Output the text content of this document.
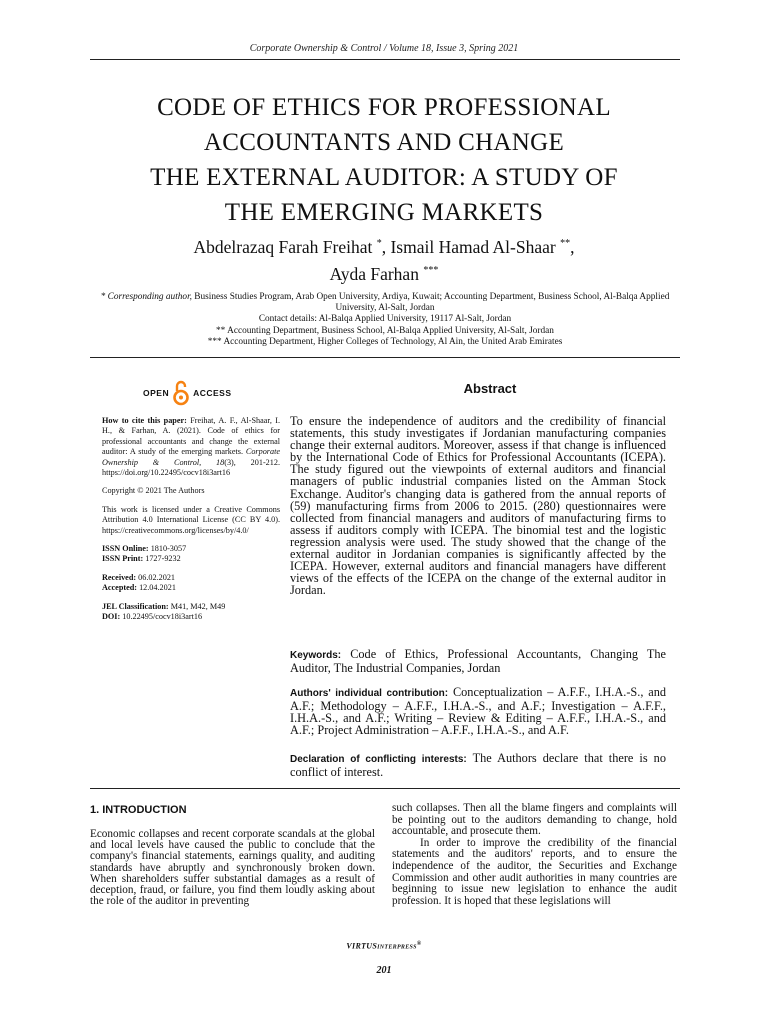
Corporate Ownership & Control / Volume 18, Issue 3, Spring 2021
CODE OF ETHICS FOR PROFESSIONAL
ACCOUNTANTS AND CHANGE
THE EXTERNAL AUDITOR: A STUDY OF
THE EMERGING MARKETS
Abdelrazaq Farah Freihat *, Ismail Hamad Al-Shaar **,
Ayda Farhan ***
* Corresponding author, Business Studies Program, Arab Open University, Ardiya, Kuwait; Accounting Department, Business School, Al-Balqa Applied University, Al-Salt, Jordan
Contact details: Al-Balqa Applied University, 19117 Al-Salt, Jordan
** Accounting Department, Business School, Al-Balqa Applied University, Al-Salt, Jordan
*** Accounting Department, Higher Colleges of Technology, Al Ain, the United Arab Emirates
OPEN	ACCESS

How to cite this paper: Freihat, A. F., Al-Shaar, I. H., & Farhan, A. (2021). Code of ethics for professional accountants and change the external auditor: A study of the emerging markets. Corporate Ownership & Control, 18(3), 201-212. https://doi.org/10.22495/cocv18i3art16

Copyright © 2021 The Authors

This work is licensed under a Creative Commons Attribution 4.0 International License (CC BY 4.0). https://creativecommons.org/licenses/by/4.0/

ISSN Online: 1810-3057
ISSN Print: 1727-9232

Received: 06.02.2021
Accepted: 12.04.2021

JEL Classification: M41, M42, M49
DOI: 10.22495/cocv18i3art16

Abstract
To ensure the independence of auditors and the credibility of financial statements, this study investigates if Jordanian manufacturing companies change their external auditors. Moreover, assess if that change is influenced by the International Code of Ethics for Professional Accountants (ICEPA). The study figured out the viewpoints of external auditors and financial managers of public industrial companies listed on the Amman Stock Exchange. Auditor's changing data is gathered from the annual reports of (59) manufacturing firms from 2006 to 2015. (280) questionnaires were collected from financial managers and auditors of manufacturing firms to assess if auditors comply with ICEPA. The binomial test and the logistic regression analysis were used. The study showed that the change of the external auditor in Jordanian companies is significantly affected by the ICEPA. However, external auditors and financial managers have different views of the effects of the ICEPA on the change of the external auditor in Jordan.
Keywords: Code of Ethics, Professional Accountants, Changing The Auditor, The Industrial Companies, Jordan
Authors' individual contribution: Conceptualization – A.F.F., I.H.A.-S., and A.F.; Methodology – A.F.F., I.H.A.-S., and A.F.; Investigation – A.F.F., I.H.A.-S., and A.F.; Writing – Review & Editing – A.F.F., I.H.A.-S., and A.F.; Project Administration – A.F.F., I.H.A.-S., and A.F.
Declaration of conflicting interests: The Authors declare that there is no conflict of interest.
1. INTRODUCTION

Economic collapses and recent corporate scandals at the global and local levels have caused the public to conclude that the company's financial statements, earnings quality, and auditing standards have abruptly and synchronously broken down. When shareholders suffer substantial damages as a result of deception, fraud, or failure, you find them loudly asking about the role of the auditor in preventing

such collapses. Then all the blame fingers and complaints will be pointing out to the auditors demanding to change, hold accountable, and prosecute them.

In order to improve the credibility of the financial statements and the auditors' reports, and to ensure the independence of the auditor, the Securities and Exchange Commission and other audit authorities in many countries are beginning to issue new legislation to enhance the audit profession. It is hoped that these legislations will

VIRTUSINTERPRESS®
201
